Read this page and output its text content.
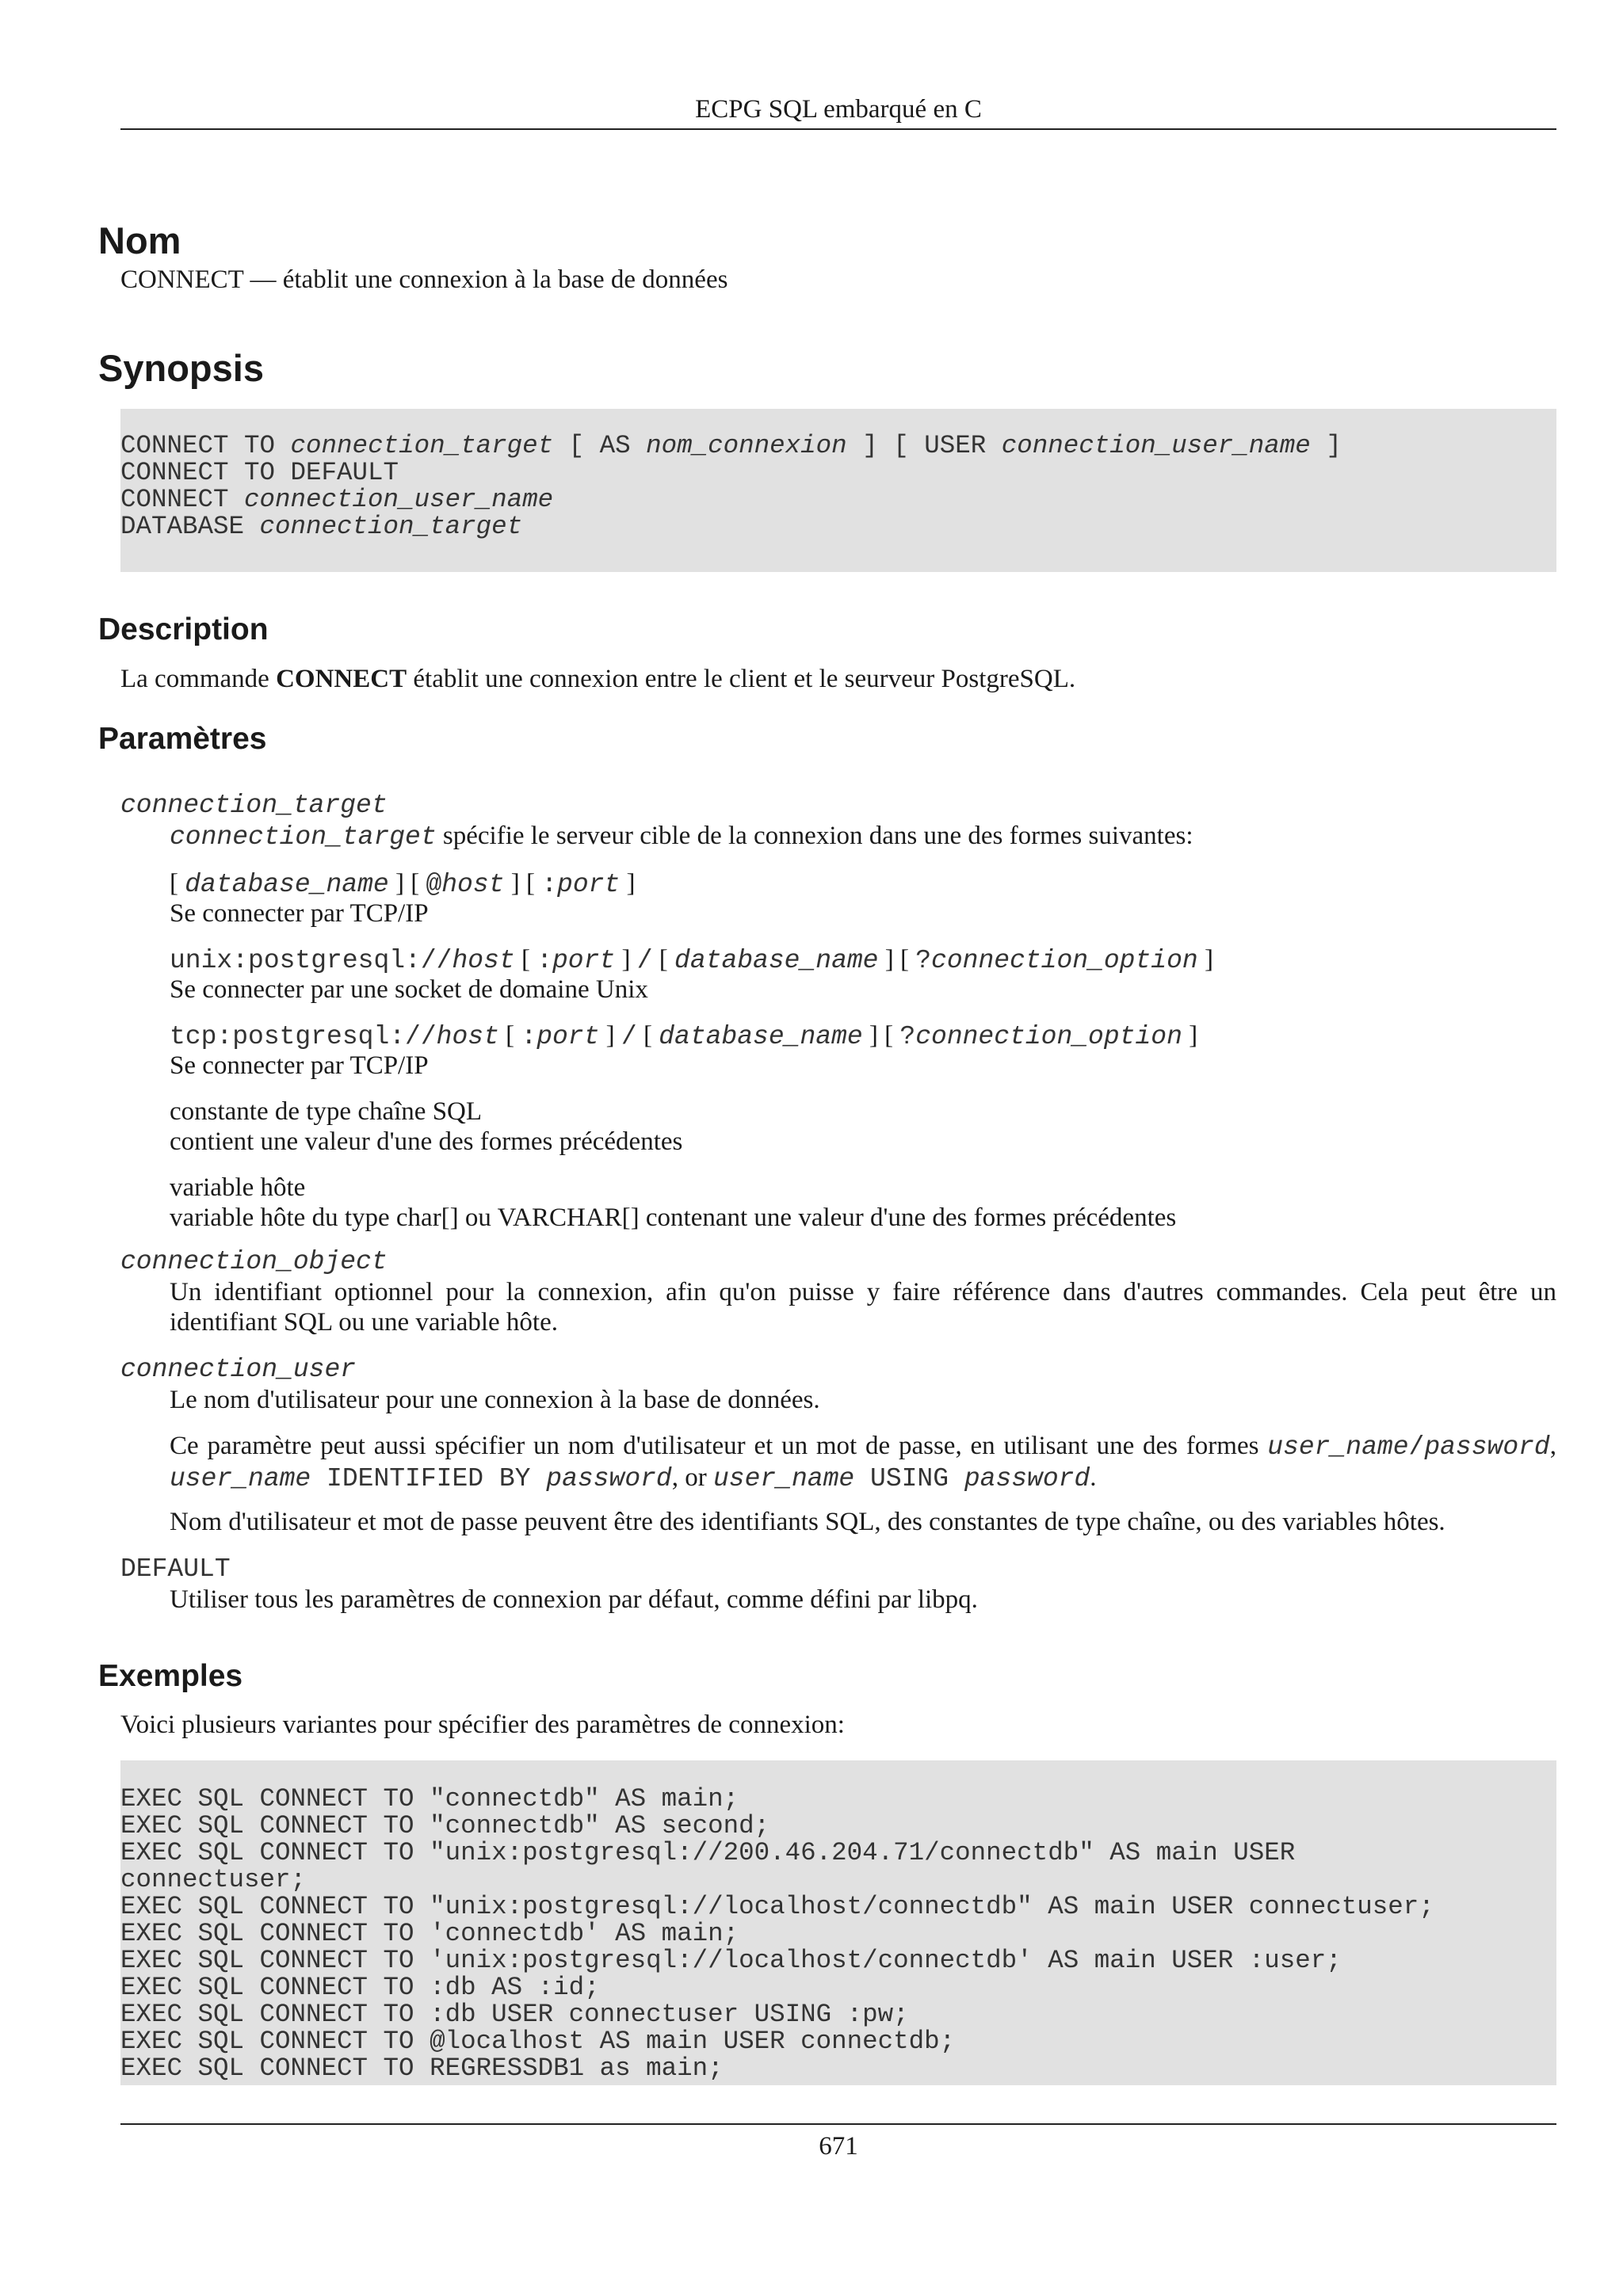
ECPG SQL embarqué en C
Nom
CONNECT — établit une connexion à la base de données
Synopsis
CONNECT TO connection_target [ AS nom_connexion ] [ USER connection_user_name ]
CONNECT TO DEFAULT
CONNECT connection_user_name
DATABASE connection_target
Description
La commande CONNECT établit une connexion entre le client et le seurveur PostgreSQL.
Paramètres
connection_target
connection_target spécifie le serveur cible de la connexion dans une des formes suivantes:
[ database_name ] [ @host ] [ :port ]
Se connecter par TCP/IP
unix:postgresql://host [ :port ] / [ database_name ] [ ?connection_option ]
Se connecter par une socket de domaine Unix
tcp:postgresql://host [ :port ] / [ database_name ] [ ?connection_option ]
Se connecter par TCP/IP
constante de type chaîne SQL
contient une valeur d'une des formes précédentes
variable hôte
variable hôte du type char[] ou VARCHAR[] contenant une valeur d'une des formes précédentes
connection_object
Un identifiant optionnel pour la connexion, afin qu'on puisse y faire référence dans d'autres commandes. Cela peut être un identifiant SQL ou une variable hôte.
connection_user
Le nom d'utilisateur pour une connexion à la base de données.
Ce paramètre peut aussi spécifier un nom d'utilisateur et un mot de passe, en utilisant une des formes user_name/password, user_name IDENTIFIED BY password, or user_name USING password.
Nom d'utilisateur et mot de passe peuvent être des identifiants SQL, des constantes de type chaîne, ou des variables hôtes.
DEFAULT
Utiliser tous les paramètres de connexion par défaut, comme défini par libpq.
Exemples
Voici plusieurs variantes pour spécifier des paramètres de connexion:
EXEC SQL CONNECT TO "connectdb" AS main;
EXEC SQL CONNECT TO "connectdb" AS second;
EXEC SQL CONNECT TO "unix:postgresql://200.46.204.71/connectdb" AS main USER
connectuser;
EXEC SQL CONNECT TO "unix:postgresql://localhost/connectdb" AS main USER connectuser;
EXEC SQL CONNECT TO 'connectdb' AS main;
EXEC SQL CONNECT TO 'unix:postgresql://localhost/connectdb' AS main USER :user;
EXEC SQL CONNECT TO :db AS :id;
EXEC SQL CONNECT TO :db USER connectuser USING :pw;
EXEC SQL CONNECT TO @localhost AS main USER connectdb;
EXEC SQL CONNECT TO REGRESSDB1 as main;
671
